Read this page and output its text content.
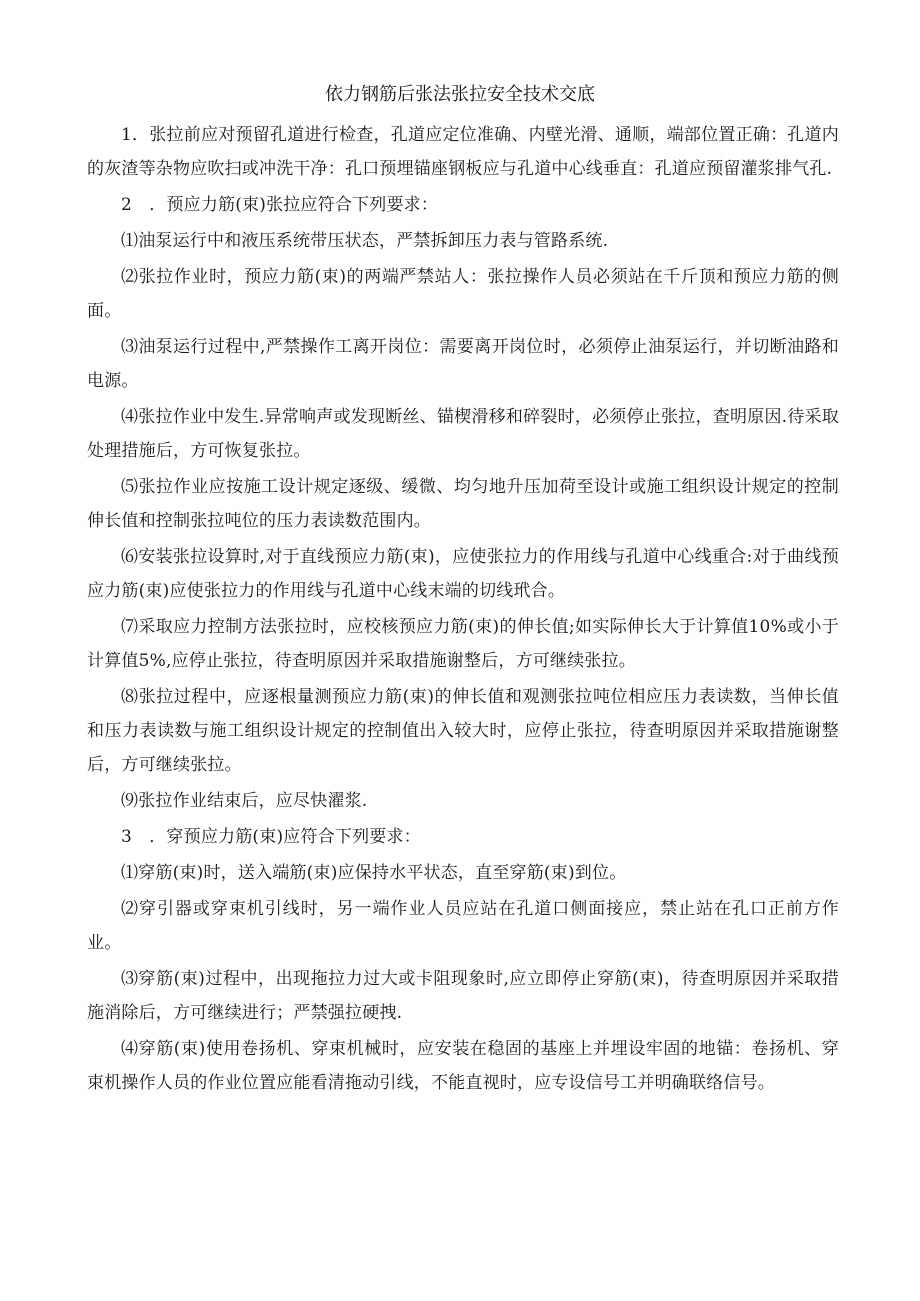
依力钢筋后张法张拉安全技术交底

1．张拉前应对预留孔道进行检查，孔道应定位准确、内壁光滑、通顺，端部位置正确：孔道内的灰渣等杂物应吹扫或冲洗干净：孔口预埋锚座钢板应与孔道中心线垂直：孔道应预留灌浆排气孔.

2　．预应力筋(束)张拉应符合下列要求：

⑴油泵运行中和液压系统带压状态，严禁拆卸压力表与管路系统.

⑵张拉作业时，预应力筋(束)的两端严禁站人：张拉操作人员必须站在千斤顶和预应力筋的侧面。

⑶油泵运行过程中,严禁操作工离开岗位：需要离开岗位时，必须停止油泵运行，并切断油路和电源。

⑷张拉作业中发生.异常响声或发现断丝、锚楔滑移和碎裂时，必须停止张拉，查明原因.待采取处理措施后，方可恢复张拉。

⑸张拉作业应按施工设计规定逐级、缓微、均匀地升压加荷至设计或施工组织设计规定的控制伸长值和控制张拉吨位的压力表读数范围内。

⑹安装张拉设算时,对于直线预应力筋(束)，应使张拉力的作用线与孔道中心线重合:对于曲线预应力筋(束)应使张拉力的作用线与孔道中心线末端的切线玳合。

⑺采取应力控制方法张拉时，应校核预应力筋(束)的伸长值;如实际伸长大于计算值10%或小于计算值5%,应停止张拉，待查明原因并采取措施谢整后，方可继续张拉。

⑻张拉过程中，应逐根量测预应力筋(束)的伸长值和观测张拉吨位相应压力表读数，当伸长值和压力表读数与施工组织设计规定的控制值出入较大时，应停止张拉，待查明原因并采取措施谢整后，方可继续张拉。

⑼张拉作业结束后，应尽快濯浆.

3　．穿预应力筋(束)应符合下列要求：

⑴穿筋(束)时，送入端筋(束)应保持水平状态，直至穿筋(束)到位。

⑵穿引器或穿束机引线时，另一端作业人员应站在孔道口侧面接应，禁止站在孔口正前方作业。

⑶穿筋(束)过程中，出现拖拉力过大或卡阻现象时,应立即停止穿筋(束)，待查明原因并采取措施消除后，方可继续进行；严禁强拉硬拽.

⑷穿筋(束)使用卷扬机、穿束机械时，应安装在稳固的基座上并埋设牢固的地锚：卷扬机、穿束机操作人员的作业位置应能看清拖动引线，不能直视时，应专设信号工并明确联络信号。
